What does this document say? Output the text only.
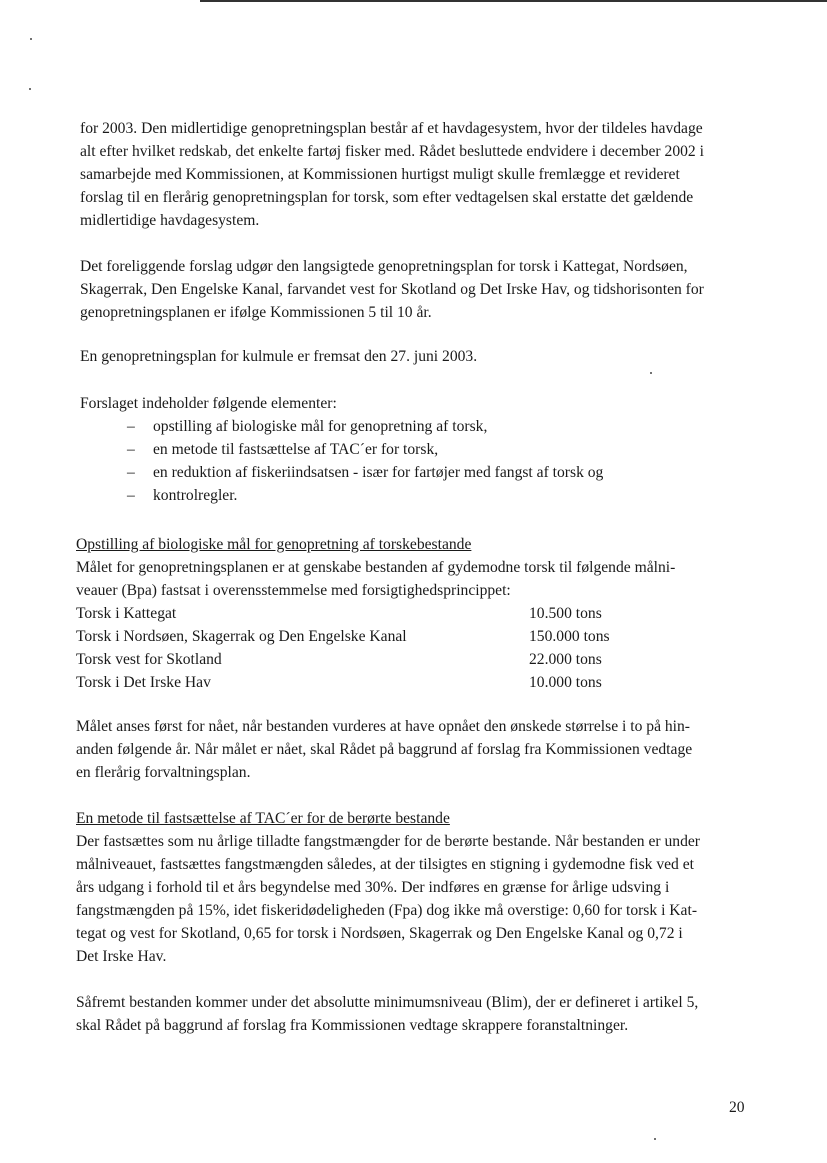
for 2003. Den midlertidige genopretningsplan består af et havdagesystem, hvor der tildeles havdage
alt efter hvilket redskab, det enkelte fartøj fisker med. Rådet besluttede endvidere i december 2002 i
samarbejde med Kommissionen, at Kommissionen hurtigst muligt skulle fremlægge et revideret
forslag til en flerårig genopretningsplan for torsk, som efter vedtagelsen skal erstatte det gældende
midlertidige havdagesystem.
Det foreliggende forslag udgør den langsigtede genopretningsplan for torsk i Kattegat, Nordsøen,
Skagerrak, Den Engelske Kanal, farvandet vest for Skotland og Det Irske Hav, og tidshorisonten for
genopretningsplanen er ifølge Kommissionen 5 til 10 år.

En genopretningsplan for kulmule er fremsat den 27. juni 2003.

Forslaget indeholder følgende elementer:

–	opstilling af biologiske mål for genopretning af torsk,
–	en metode til fastsættelse af TAC´er for torsk,
–	en reduktion af fiskeriindsatsen - især for fartøjer med fangst af torsk og
–	kontrolregler.
Opstilling af biologiske mål for genopretning af torskebestande
Målet for genopretningsplanen er at genskabe bestanden af gydemodne torsk til følgende målni-
veauer (Bpa) fastsat i overensstemmelse med forsigtighedsprincippet:
Torsk i Kattegat	10.500 tons
Torsk i Nordsøen, Skagerrak og Den Engelske Kanal	150.000 tons
Torsk vest for Skotland	22.000 tons
Torsk i Det Irske Hav	10.000 tons
Målet anses først for nået, når bestanden vurderes at have opnået den ønskede størrelse i to på hin-
anden følgende år. Når målet er nået, skal Rådet på baggrund af forslag fra Kommissionen vedtage
en flerårig forvaltningsplan.
En metode til fastsættelse af TAC´er for de berørte bestande
Der fastsættes som nu årlige tilladte fangstmængder for de berørte bestande. Når bestanden er under
målniveauet, fastsættes fangstmængden således, at der tilsigtes en stigning i gydemodne fisk ved et
års udgang i forhold til et års begyndelse med 30%. Der indføres en grænse for årlige udsving i
fangstmængden på 15%, idet fiskeridødeligheden (Fpa) dog ikke må overstige: 0,60 for torsk i Kat-
tegat og vest for Skotland, 0,65 for torsk i Nordsøen, Skagerrak og Den Engelske Kanal og 0,72 i
Det Irske Hav.
Såfremt bestanden kommer under det absolutte minimumsniveau (Blim), der er defineret i artikel 5,
skal Rådet på baggrund af forslag fra Kommissionen vedtage skrappere foranstaltninger.
20
